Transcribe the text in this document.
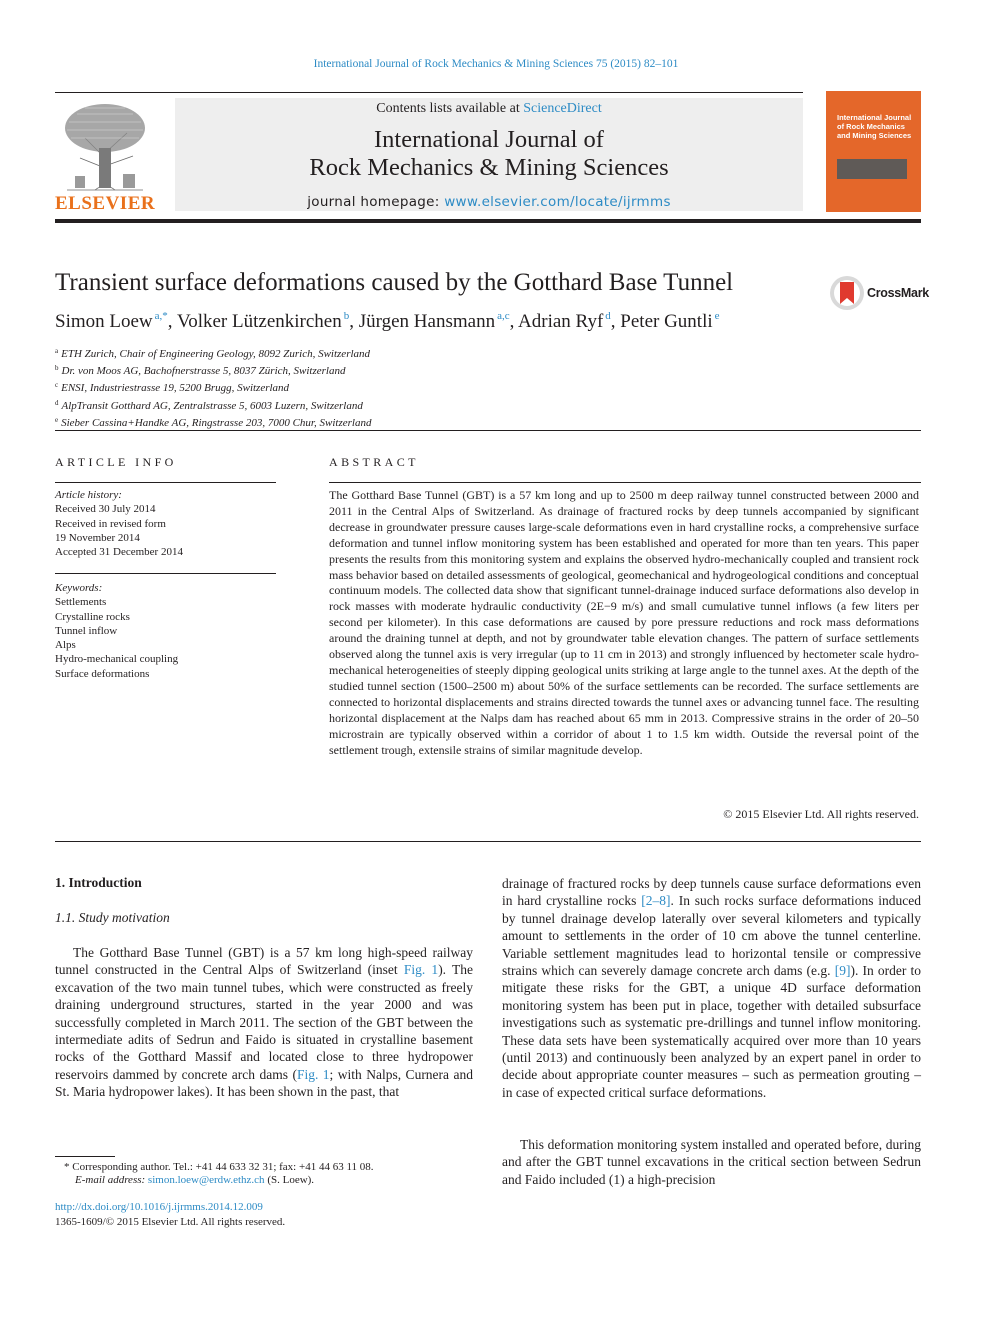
International Journal of Rock Mechanics & Mining Sciences 75 (2015) 82–101
ELSEVIER
Contents lists available at ScienceDirect
International Journal of
Rock Mechanics & Mining Sciences
journal homepage: www.elsevier.com/locate/ijrmms
International Journal of Rock Mechanics and Mining Sciences
Transient surface deformations caused by the Gotthard Base Tunnel	CrossMark
Simon Loew $^{a,*}$, Volker Lützenkirchen $^b$, Jürgen Hansmann $^{a,c}$, Adrian Ryf $^d$, Peter Guntli $^e$
$^a$ ETH Zurich, Chair of Engineering Geology, 8092 Zurich, Switzerland
$^b$ Dr. von Moos AG, Bachofnerstrasse 5, 8037 Zürich, Switzerland
$^c$ ENSI, Industriestrasse 19, 5200 Brugg, Switzerland
$^d$ AlpTransit Gotthard AG, Zentralstrasse 5, 6003 Luzern, Switzerland
$^e$ Sieber Cassina+Handke AG, Ringstrasse 203, 7000 Chur, Switzerland
ARTICLE INFO	ABSTRACT
Article history:
Received 30 July 2014
Received in revised form
19 November 2014
Accepted 31 December 2014
Keywords:
Settlements
Crystalline rocks
Tunnel inflow
Alps
Hydro-mechanical coupling
Surface deformations
The Gotthard Base Tunnel (GBT) is a 57 km long and up to 2500 m deep railway tunnel constructed between 2000 and 2011 in the Central Alps of Switzerland. As drainage of fractured rocks by deep tunnels accompanied by significant decrease in groundwater pressure causes large-scale deformations even in hard crystalline rocks, a comprehensive surface deformation and tunnel inflow monitoring system has been established and operated for more than ten years. This paper presents the results from this monitoring system and explains the observed hydro-mechanically coupled and transient rock mass behavior based on detailed assessments of geological, geomechanical and hydrogeological conditions and conceptual continuum models. The collected data show that significant tunnel-drainage induced surface deformations also develop in rock masses with moderate hydraulic conductivity (2E−9 m/s) and small cumulative tunnel inflows (a few liters per second per kilometer). In this case deformations are caused by pore pressure reductions and rock mass deformations around the draining tunnel at depth, and not by groundwater table elevation changes. The pattern of surface settlements observed along the tunnel axis is very irregular (up to 11 cm in 2013) and strongly influenced by hectometer scale hydro-mechanical heterogeneities of steeply dipping geological units striking at large angle to the tunnel axes. At the depth of the studied tunnel section (1500–2500 m) about 50% of the surface settlements can be recorded. The surface settlements are connected to horizontal displacements and strains directed towards the tunnel axes or advancing tunnel face. The resulting horizontal displacement at the Nalps dam has reached about 65 mm in 2013. Compressive strains in the order of 20–50 microstrain are typically observed within a corridor of about 1 to 1.5 km width. Outside the reversal point of the settlement trough, extensile strains of similar magnitude develop.
© 2015 Elsevier Ltd. All rights reserved.
1. Introduction
1.1. Study motivation
The Gotthard Base Tunnel (GBT) is a 57 km long high-speed railway tunnel constructed in the Central Alps of Switzerland (inset Fig. 1). The excavation of the two main tunnel tubes, which were constructed as freely draining underground structures, started in the year 2000 and was successfully completed in March 2011. The section of the GBT between the intermediate adits of Sedrun and Faido is situated in crystalline basement rocks of the Gotthard Massif and located close to three hydropower reservoirs dammed by concrete arch dams (Fig. 1; with Nalps, Curnera and St. Maria hydropower lakes). It has been shown in the past, that
drainage of fractured rocks by deep tunnels cause surface deformations even in hard crystalline rocks [2–8]. In such rocks surface deformations induced by tunnel drainage develop laterally over several kilometers and typically amount to settlements in the order of 10 cm above the tunnel centerline. Variable settlement magnitudes lead to horizontal tensile or compressive strains which can severely damage concrete arch dams (e.g. [9]). In order to mitigate these risks for the GBT, a unique 4D surface deformation monitoring system has been put in place, together with detailed subsurface investigations such as systematic pre-drillings and tunnel inflow monitoring. These data sets have been systematically acquired over more than 10 years (until 2013) and continuously been analyzed by an expert panel in order to decide about appropriate counter measures – such as permeation grouting – in case of expected critical surface deformations.
This deformation monitoring system installed and operated before, during and after the GBT tunnel excavations in the critical section between Sedrun and Faido included (1) a high-precision
* Corresponding author. Tel.: +41 44 633 32 31; fax: +41 44 63 11 08.
E-mail address: simon.loew@erdw.ethz.ch (S. Loew).
http://dx.doi.org/10.1016/j.ijrmms.2014.12.009
1365-1609/© 2015 Elsevier Ltd. All rights reserved.
